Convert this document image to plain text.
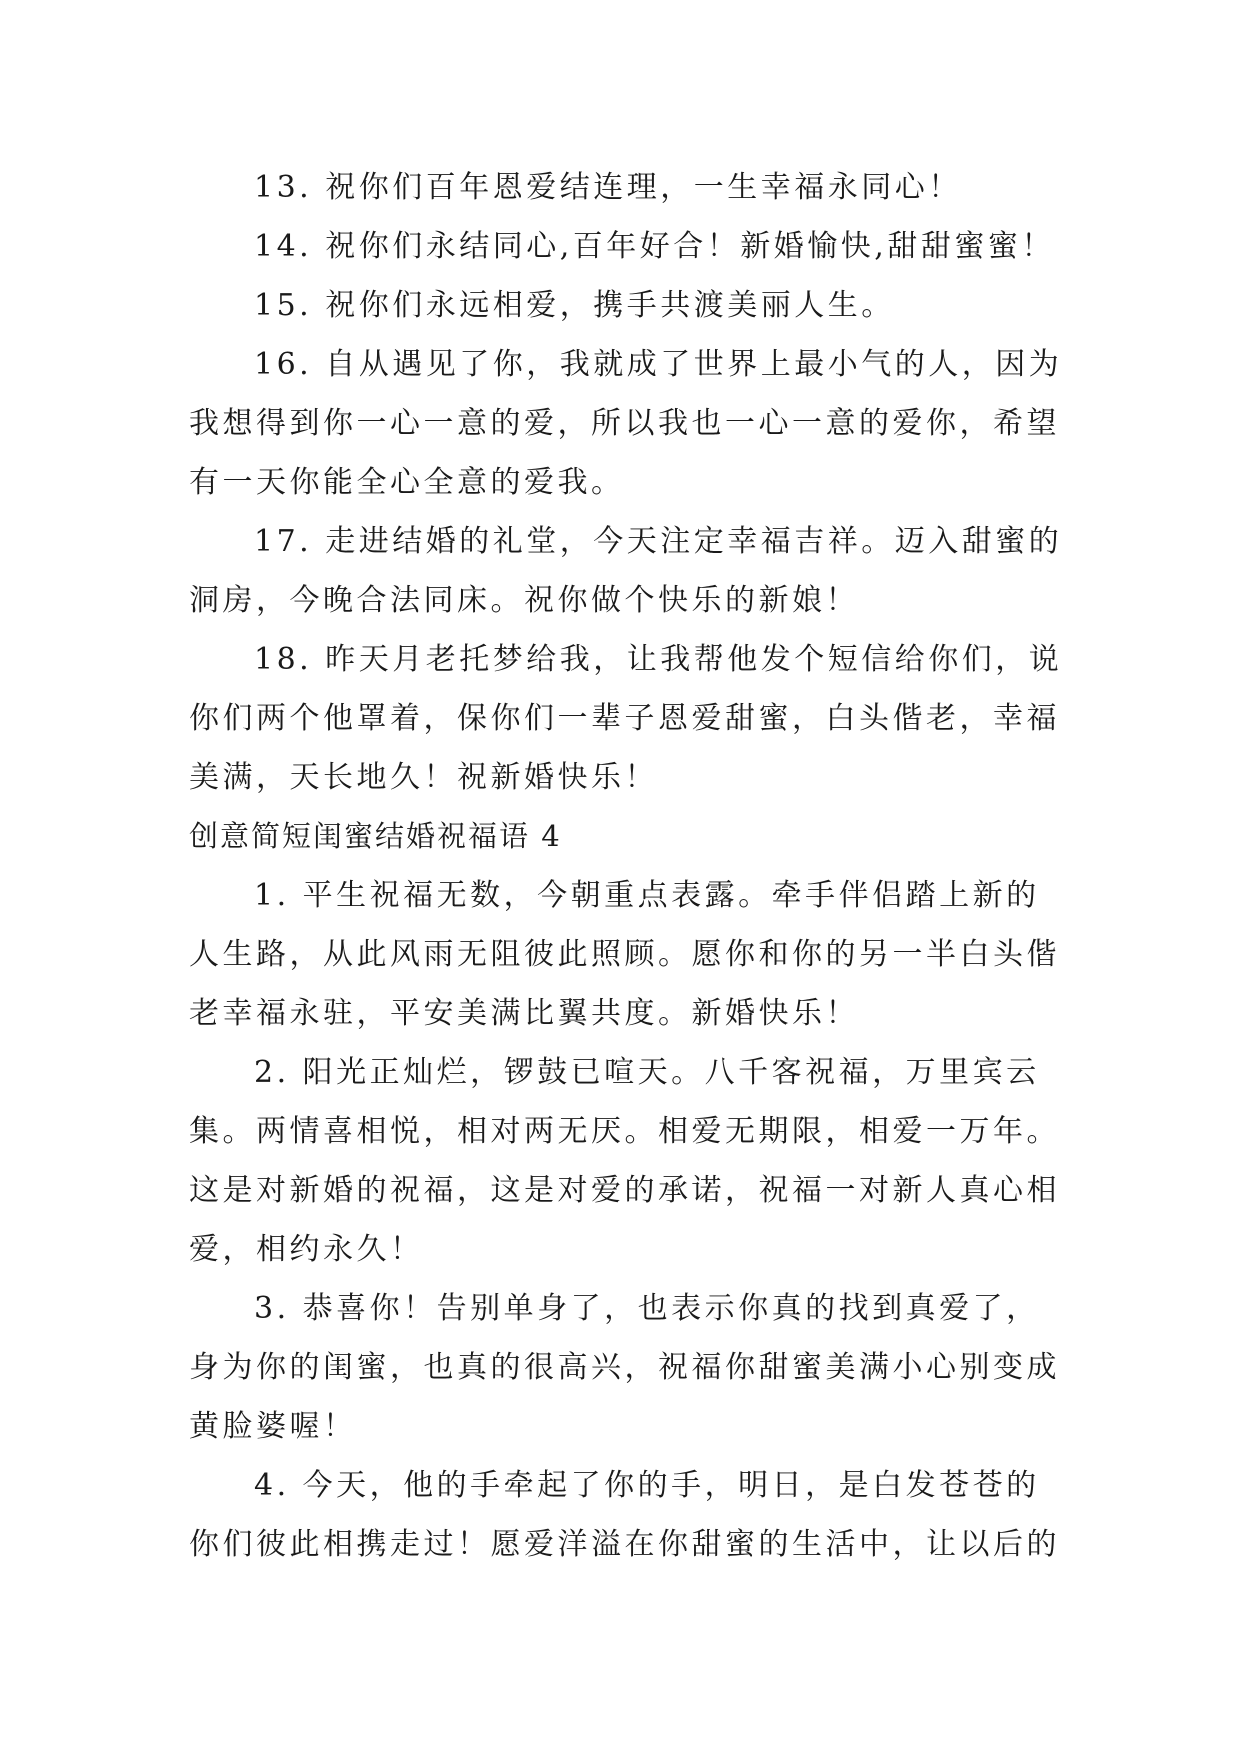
13. 祝你们百年恩爱结连理，一生幸福永同心！
14. 祝你们永结同心,百年好合！新婚愉快,甜甜蜜蜜！
15. 祝你们永远相爱，携手共渡美丽人生。
16. 自从遇见了你，我就成了世界上最小气的人，因为
我想得到你一心一意的爱，所以我也一心一意的爱你，希望
有一天你能全心全意的爱我。
17. 走进结婚的礼堂，今天注定幸福吉祥。迈入甜蜜的
洞房，今晚合法同床。祝你做个快乐的新娘！
18. 昨天月老托梦给我，让我帮他发个短信给你们，说
你们两个他罩着，保你们一辈子恩爱甜蜜，白头偕老，幸福
美满，天长地久！祝新婚快乐！
创意简短闺蜜结婚祝福语 4
1. 平生祝福无数，今朝重点表露。牵手伴侣踏上新的
人生路，从此风雨无阻彼此照顾。愿你和你的另一半白头偕
老幸福永驻，平安美满比翼共度。新婚快乐！
2. 阳光正灿烂，锣鼓已喧天。八千客祝福，万里宾云
集。两情喜相悦，相对两无厌。相爱无期限，相爱一万年。
这是对新婚的祝福，这是对爱的承诺，祝福一对新人真心相
爱，相约永久！
3. 恭喜你！告别单身了，也表示你真的找到真爱了，
身为你的闺蜜，也真的很高兴，祝福你甜蜜美满小心别变成
黄脸婆喔！
4. 今天，他的手牵起了你的手，明日，是白发苍苍的
你们彼此相携走过！愿爱洋溢在你甜蜜的生活中，让以后的
